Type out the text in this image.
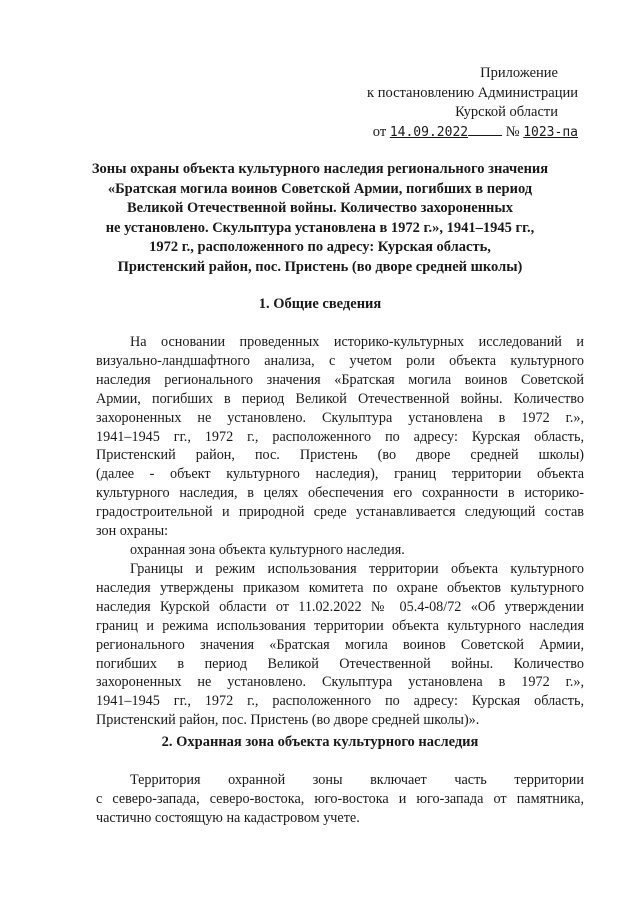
Приложение
к постановлению Администрации
Курской области
от 14.09.2022	№ 1023-па
Зоны охраны объекта культурного наследия регионального значения
«Братская могила воинов Советской Армии, погибших в период
Великой Отечественной войны. Количество захороненных
не установлено. Скульптура установлена в 1972 г.», 1941–1945 гг.,
1972 г., расположенного по адресу: Курская область,
Пристенский район, пос. Пристень (во дворе средней школы)
1. Общие сведения
На основании проведенных историко-культурных исследований и
визуально-ландшафтного анализа, с учетом роли объекта культурного
наследия регионального значения «Братская могила воинов Советской
Армии, погибших в период Великой Отечественной войны. Количество
захороненных не установлено. Скульптура установлена в 1972 г.»,
1941–1945 гг., 1972 г., расположенного по адресу: Курская область,
Пристенский район, пос. Пристень (во дворе средней школы)
(далее - объект культурного наследия), границ территории объекта
культурного наследия, в целях обеспечения его сохранности в историко-
градостроительной и природной среде устанавливается следующий состав
зон охраны:
охранная зона объекта культурного наследия.
Границы и режим использования территории объекта культурного
наследия утверждены приказом комитета по охране объектов культурного
наследия Курской области от 11.02.2022 № 05.4-08/72 «Об утверждении
границ и режима использования территории объекта культурного наследия
регионального значения «Братская могила воинов Советской Армии,
погибших в период Великой Отечественной войны. Количество
захороненных не установлено. Скульптура установлена в 1972 г.»,
1941–1945 гг., 1972 г., расположенного по адресу: Курская область,
Пристенский район, пос. Пристень (во дворе средней школы)».
2. Охранная зона объекта культурного наследия
Территория охранной зоны включает часть территории
с северо-запада, северо-востока, юго-востока и юго-запада от памятника,
частично состоящую на кадастровом учете.
